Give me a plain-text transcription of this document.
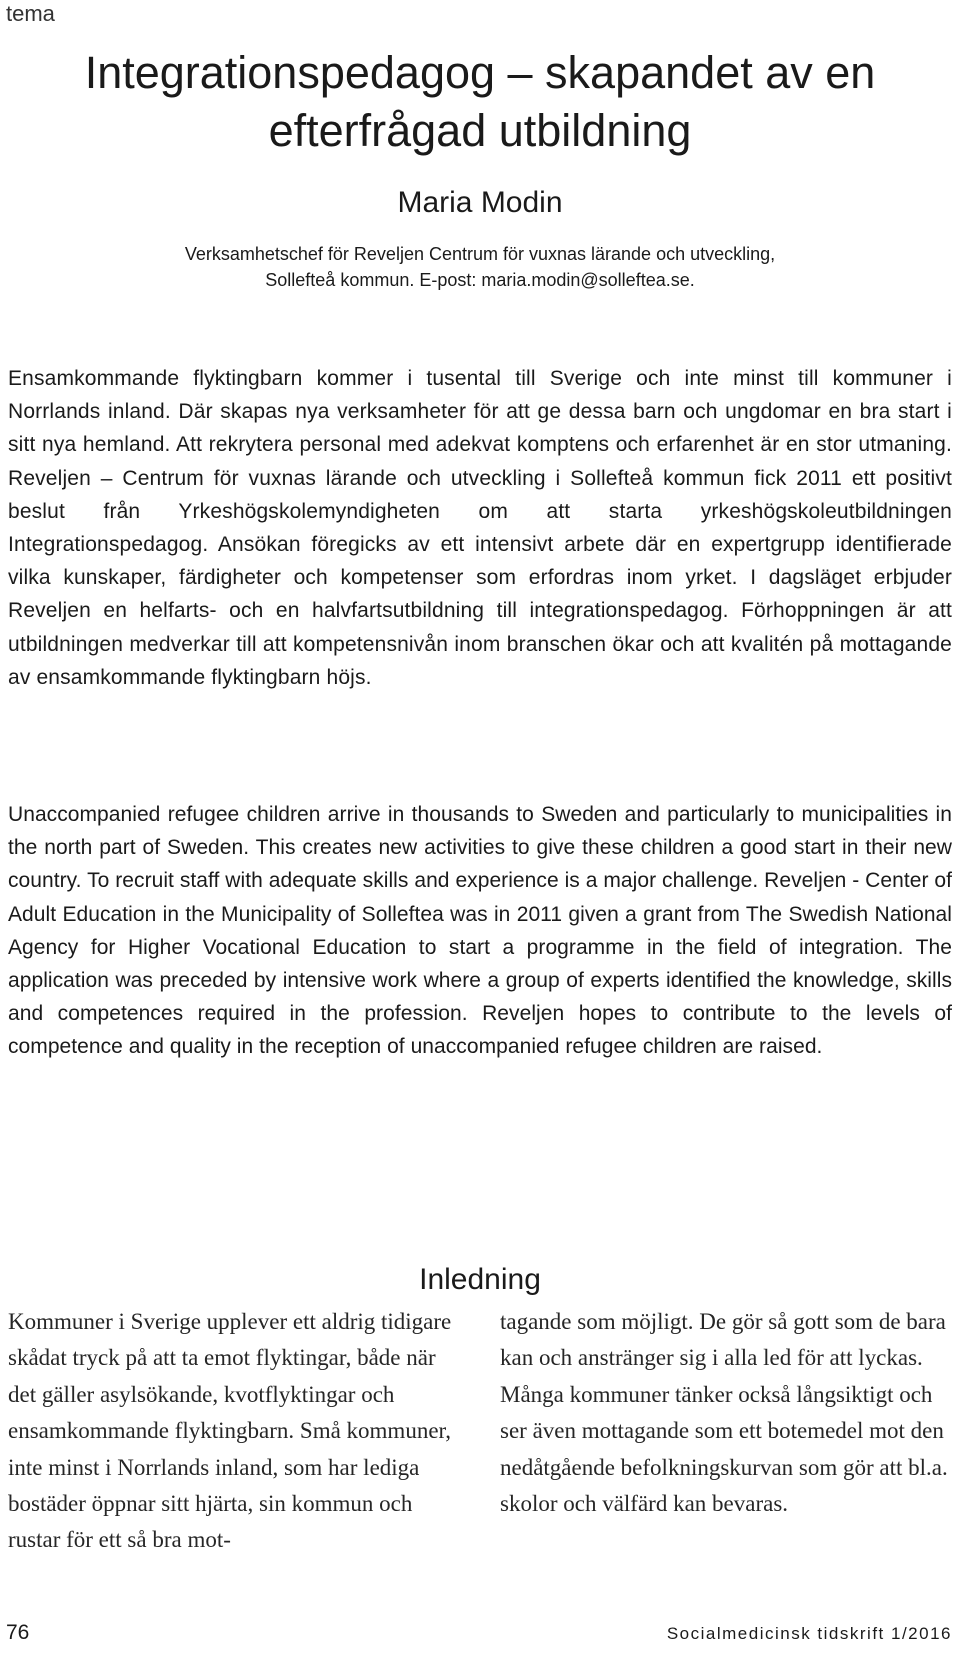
tema
Integrationspedagog – skapandet av en efterfrågad utbildning
Maria Modin
Verksamhetschef för Reveljen Centrum för vuxnas lärande och utveckling,
Sollefteå kommun. E-post: maria.modin@solleftea.se.

Ensamkommande flyktingbarn kommer i tusental till Sverige och inte minst till kommuner i Norrlands inland. Där skapas nya verksamheter för att ge dessa barn och ungdomar en bra start i sitt nya hemland. Att rekrytera personal med adekvat komptens och erfarenhet är en stor utmaning. Reveljen – Centrum för vuxnas lärande och utveckling i Sollefteå kommun fick 2011 ett positivt beslut från Yrkeshögskolemyndigheten om att starta yrkeshögskoleutbildningen Integrationspedagog. Ansökan föregicks av ett intensivt arbete där en expertgrupp identifierade vilka kunskaper, färdigheter och kompetenser som erfordras inom yrket. I dagsläget erbjuder Reveljen en helfarts- och en halvfartsutbildning till integrationspedagog. Förhoppningen är att utbildningen medverkar till att kompetensnivån inom branschen ökar och att kvalitén på mottagande av ensamkommande flyktingbarn höjs.

Unaccompanied refugee children arrive in thousands to Sweden and particularly to municipalities in the north part of Sweden. This creates new activities to give these children a good start in their new country. To recruit staff with adequate skills and experience is a major challenge. Reveljen - Center of Adult Education in the Municipality of Solleftea was in 2011 given a grant from The Swedish National Agency for Higher Vocational Education to start a programme in the field of integration. The application was preceded by intensive work where a group of experts identified the knowledge, skills and competences required in the profession. Reveljen hopes to contribute to the levels of competence and quality in the reception of unaccompanied refugee children are raised.

Inledning

Kommuner i Sverige upplever ett aldrig tidigare skådat tryck på att ta emot flyktingar, både när det gäller asylsökande, kvotflyktingar och ensamkommande flyktingbarn. Små kommuner, inte minst i Norrlands inland, som har lediga bostäder öppnar sitt hjärta, sin kommun och rustar för ett så bra mot-

tagande som möjligt. De gör så gott som de bara kan och anstränger sig i alla led för att lyckas. Många kommuner tänker också långsiktigt och ser även mottagande som ett botemedel mot den nedåtgående befolkningskurvan som gör att bl.a. skolor och välfärd kan bevaras.

76	Socialmedicinsk tidskrift 1/2016
